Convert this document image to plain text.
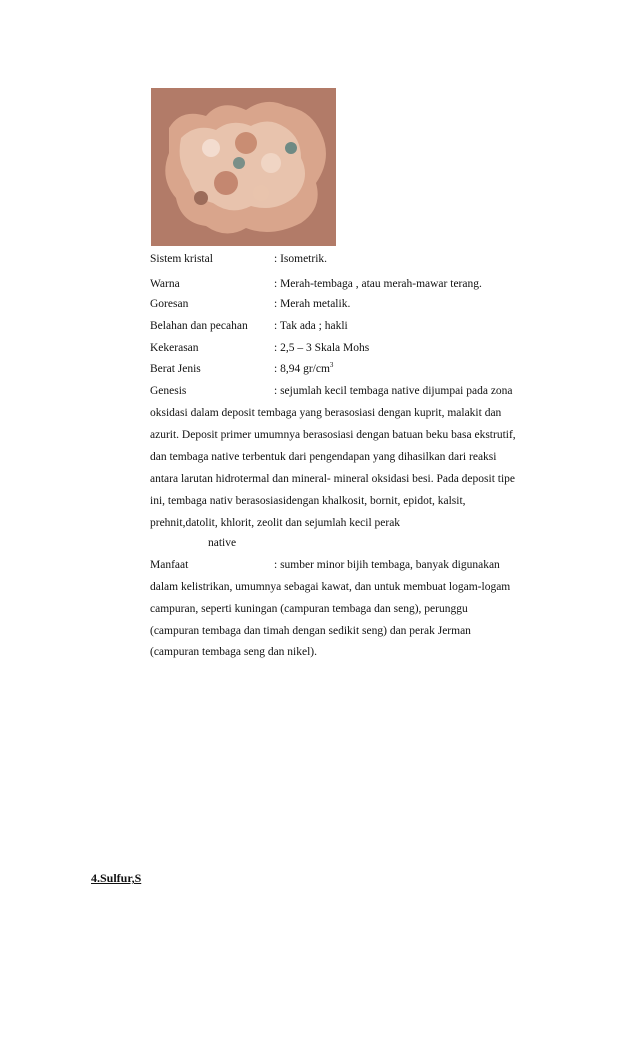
Sistem kristal	: Isometrik.
Warna	: Merah-tembaga , atau merah-mawar terang.
Goresan	: Merah metalik.
Belahan dan pecahan : Tak ada ; hakli
Kekerasan	: 2,5 – 3 Skala Mohs
Berat Jenis	: 8,94 $gr/cm^3$
Genesis	: sejumlah kecil tembaga native dijumpai pada zona
oksidasi dalam deposit tembaga yang berasosiasi dengan kuprit, malakit dan
azurit. Deposit primer umumnya berasosiasi dengan batuan beku basa ekstrutif,
dan tembaga native terbentuk dari pengendapan yang dihasilkan dari reaksi
antara larutan hidrotermal dan mineral- mineral oksidasi besi. Pada deposit tipe
ini, tembaga nativ berasosiasidengan khalkosit, bornit, epidot, kalsit,
prehnit,datolit, khlorit, zeolit dan sejumlah kecil perak
native
Manfaat	: sumber minor bijih tembaga, banyak digunakan
dalam kelistrikan, umumnya sebagai kawat, dan untuk membuat logam-logam
campuran, seperti kuningan (campuran tembaga dan seng), perunggu
(campuran tembaga dan timah dengan sedikit seng) dan perak Jerman
(campuran tembaga seng dan nikel).
4.Sulfur,S
